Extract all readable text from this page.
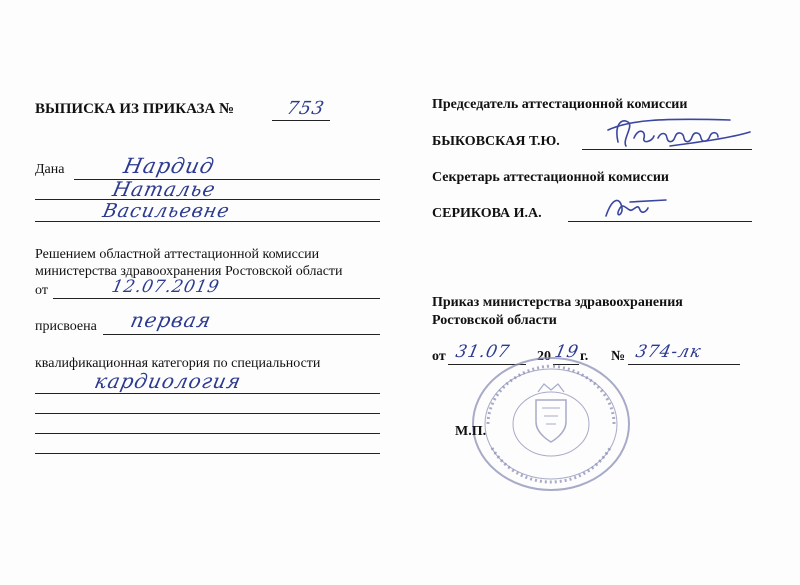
ВЫПИСКА ИЗ ПРИКАЗА №	753
Дана	Нардид
Наталье
Васильевне
Решением областной аттестационной комиссии
министерства здравоохранения Ростовской области
от	12.07.2019
присвоена первая
квалификационная категория по специальности
кардиология
Председатель аттестационной комиссии
БЫКОВСКАЯ Т.Ю.
Секретарь аттестационной комиссии
СЕРИКОВА И.А.
Приказ министерства здравоохранения
Ростовской области
от 31.07 20 19 г. № 374-лк
М.П.
